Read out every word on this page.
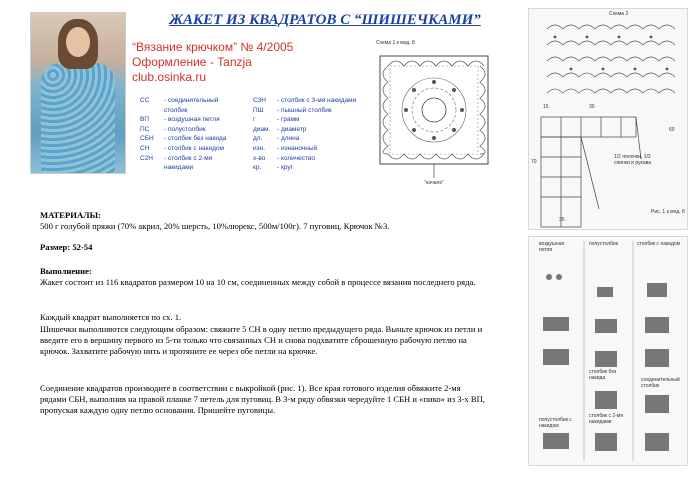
ЖАКЕТ ИЗ КВАДРАТОВ С “ШИШЕЧКАМИ”
“Вязание крючком” № 4/2005
Оформление - Tanzja
club.osinka.ru
СС - соединительный
столбик
ВП - воздушная петля
ПС - полустолбик
СБН - столбик без накида
СН - столбик с накидом
С2Н - столбик с 2-мя
накидами
С3Н - столбик с 3-мя накидами
ПШ - пышный столбик
г	- грамм
диам. - диаметр
дл. - длина
изн. - изнаночный
х-во - количество
кр. - круг
Схема 1 к мод. 8
“начало”
Схема 2
15	30
60
70
35
1/2 полочки, 1/2 спинки и рукава
Рис. 1 к мод. 8
воздушная петля
полустолбик	столбик с накидом
столбик без накида
столбик с 2-мя накидами
соединительный столбик
полустолбик с накидом
МАТЕРИАЛЫ:
500 г голубой пряжи (70% акрил, 20% шерсть, 10%люрекс, 500м/100г). 7 пуговиц. Крючок №3.
Размер: 52-54
Выполнение:
Жакет состоит из 116 квадратов размером 10 на 10 см, соединенных между собой в процессе вязания последнего ряда.
Каждый квадрат выполняется по сх. 1.
Шишечки выполняются следующим образом: свяжите 5 СН в одну петлю предыдущего ряда. Выньте крючок из петли и введите его в вершину первого из 5-ти только что связанных СН и снова подхватите сброшенную рабочую петлю на крючок. Захватите рабочую нить и протяните ее через обе петли на крючке.
Соединение квадратов производите в соответствии с выкройкой (рис. 1). Все края готового изделия обвяжите 2-мя рядами СБН, выполнив на правой планке 7 петель для пуговиц. В 3-м ряду обвязки чередуйте 1 СБН и «пико» из 3-х ВП, пропуская каждую одну петлю основания. Пришейте пуговицы.
